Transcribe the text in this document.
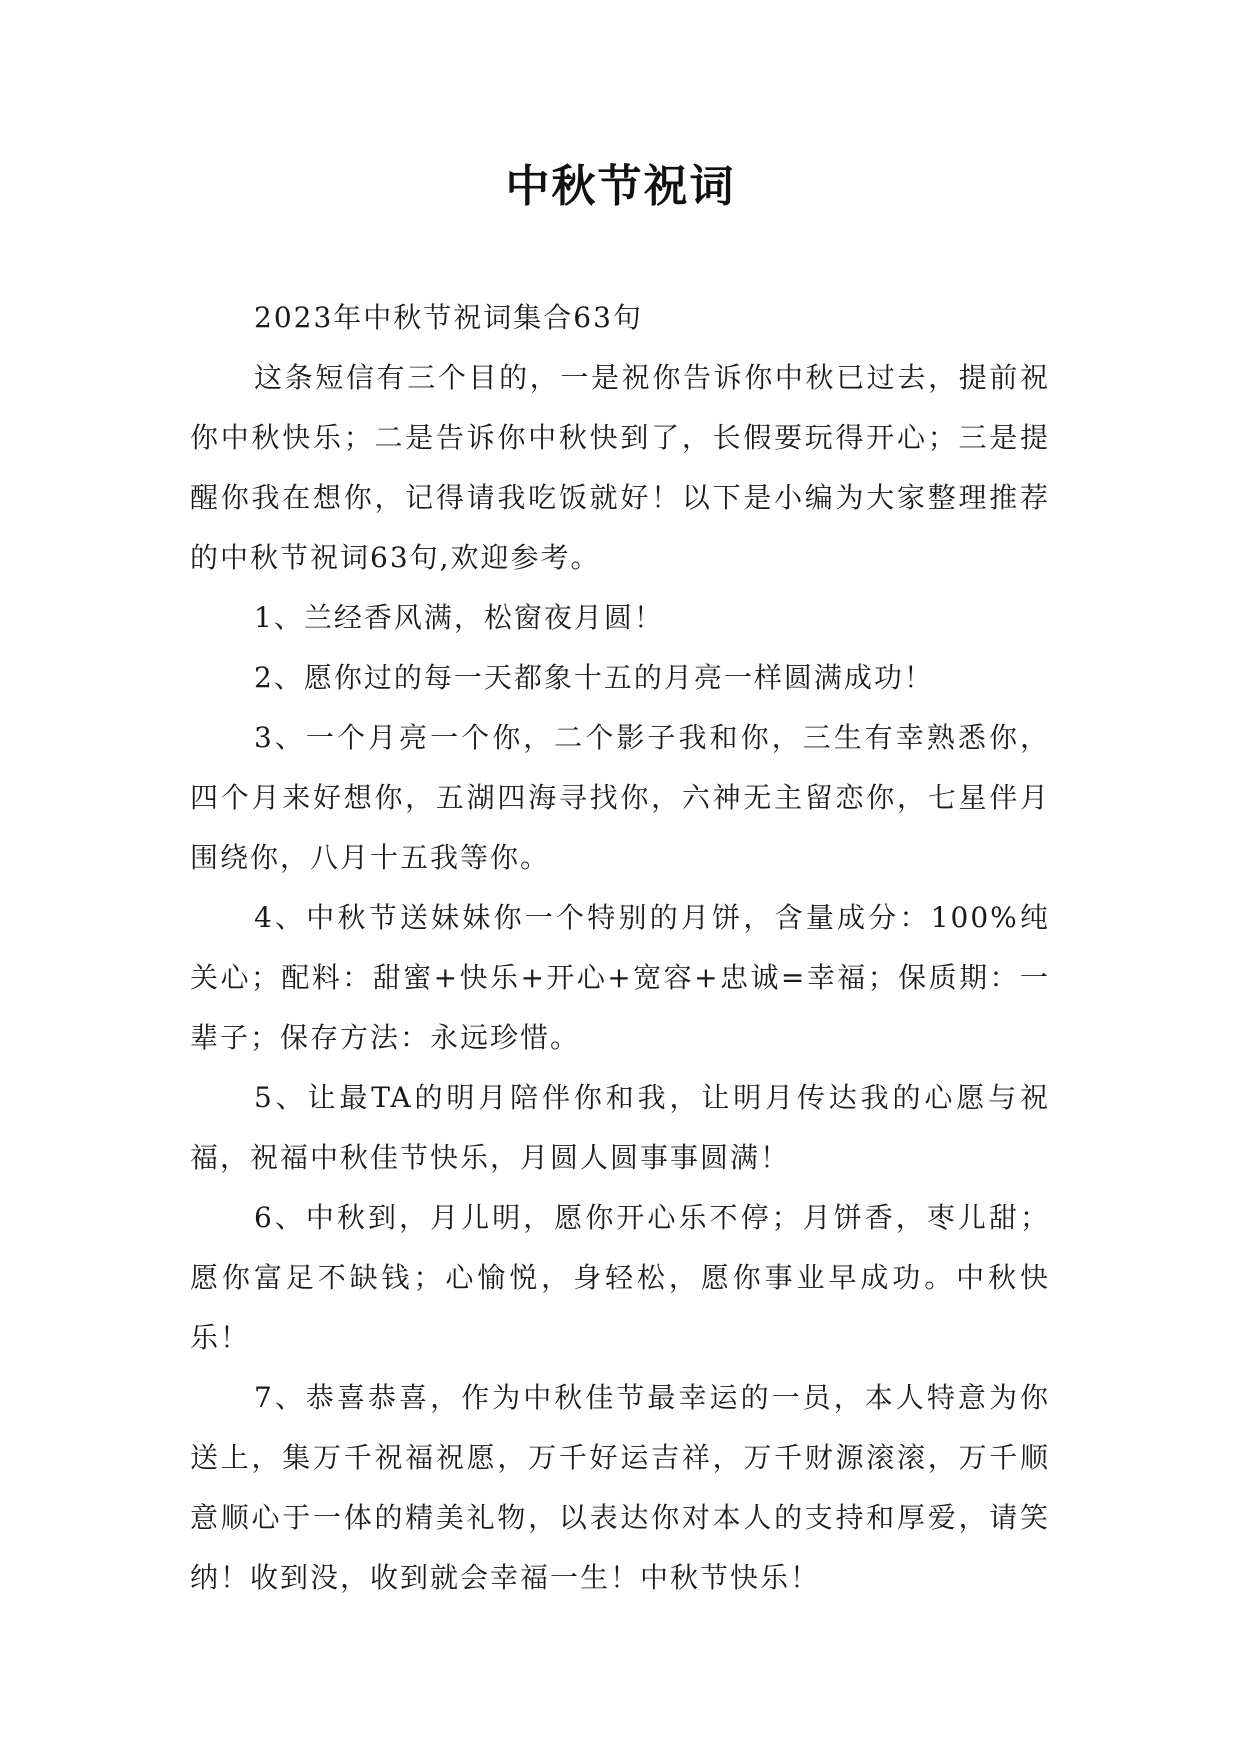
中秋节祝词

2023年中秋节祝词集合63句

这条短信有三个目的，一是祝你告诉你中秋已过去，提前祝你中秋快乐；二是告诉你中秋快到了，长假要玩得开心；三是提醒你我在想你，记得请我吃饭就好！以下是小编为大家整理推荐的中秋节祝词63句,欢迎参考。

1、兰经香风满，松窗夜月圆！

2、愿你过的每一天都象十五的月亮一样圆满成功！

3、一个月亮一个你，二个影子我和你，三生有幸熟悉你，四个月来好想你，五湖四海寻找你，六神无主留恋你，七星伴月围绕你，八月十五我等你。

4、中秋节送妹妹你一个特别的月饼，含量成分：100%纯关心；配料：甜蜜+快乐+开心+宽容+忠诚=幸福；保质期：一辈子；保存方法：永远珍惜。

5、让最TA的明月陪伴你和我，让明月传达我的心愿与祝福，祝福中秋佳节快乐，月圆人圆事事圆满！

6、中秋到，月儿明，愿你开心乐不停；月饼香，枣儿甜；愿你富足不缺钱；心愉悦，身轻松，愿你事业早成功。中秋快乐！

7、恭喜恭喜，作为中秋佳节最幸运的一员，本人特意为你送上，集万千祝福祝愿，万千好运吉祥，万千财源滚滚，万千顺意顺心于一体的精美礼物，以表达你对本人的支持和厚爱，请笑纳！收到没，收到就会幸福一生！中秋节快乐！
